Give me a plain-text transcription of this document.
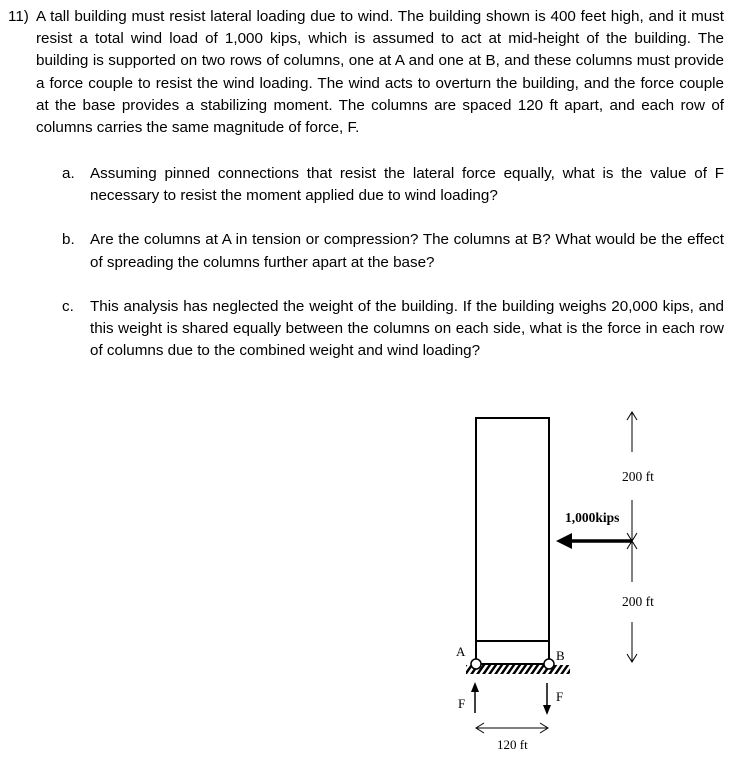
11) A tall building must resist lateral loading due to wind. The building shown is 400 feet high, and it must resist a total wind load of 1,000 kips, which is assumed to act at mid-height of the building. The building is supported on two rows of columns, one at A and one at B, and these columns must provide a force couple to resist the wind loading. The wind acts to overturn the building, and the force couple at the base provides a stabilizing moment. The columns are spaced 120 ft apart, and each row of columns carries the same magnitude of force, F.
a.	Assuming pinned connections that resist the lateral force equally, what is the value of F necessary to resist the moment applied due to wind loading?
b.	Are the columns at A in tension or compression? The columns at B? What would be the effect of spreading the columns further apart at the base?
c.	This analysis has neglected the weight of the building. If the building weighs 20,000 kips, and this weight is shared equally between the columns on each side, what is the force in each row of columns due to the combined weight and wind loading?
A	B
F	F
120 ft
1,000kips
200 ft
200 ft
